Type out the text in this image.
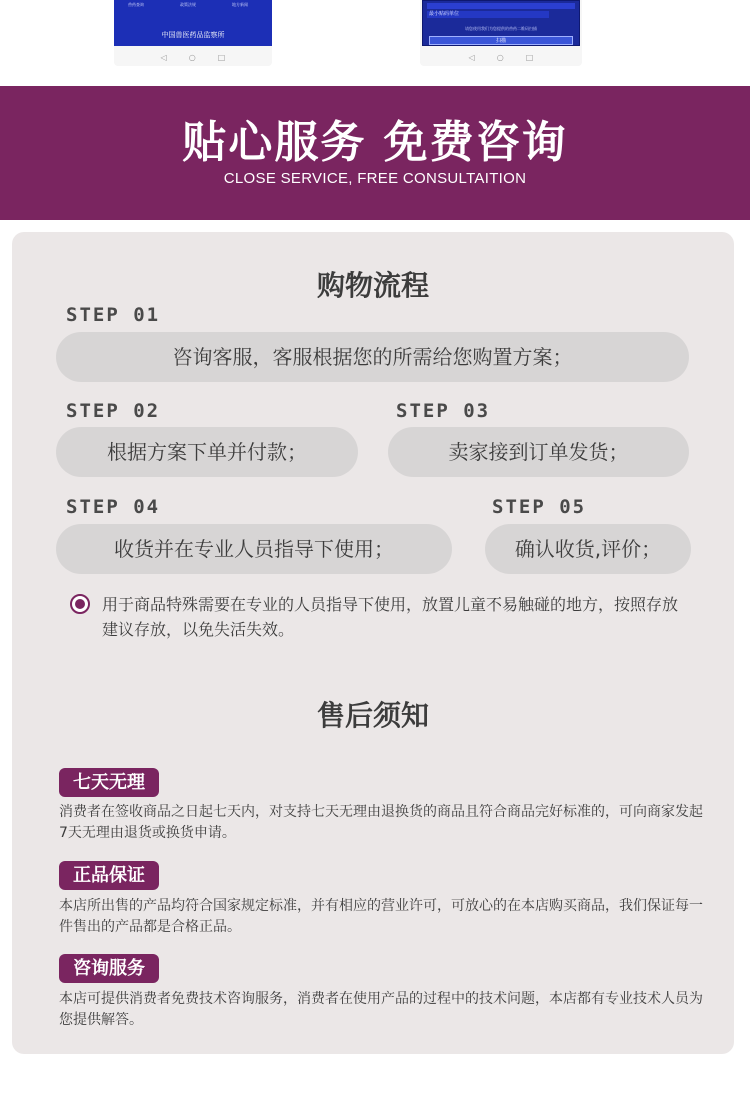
兽药查询	政策法规	地方新闻
中国兽医药品监察所
◁	○	□
最小贴码单位
请您使用我们为您提供的兽药二维码扫描
扫描
◁	○	□
贴心服务 免费咨询
CLOSE SERVICE, FREE CONSULTAITION
购物流程
STEP 01
咨询客服，客服根据您的所需给您购置方案；
STEP 02
根据方案下单并付款；
STEP 03
卖家接到订单发货；
STEP 04
收货并在专业人员指导下使用；
STEP 05
确认收货,评价；
用于商品特殊需要在专业的人员指导下使用，放置儿童不易触碰的地方，按照存放建议存放，以免失活失效。
售后须知
七天无理
消费者在签收商品之日起七天内，对支持七天无理由退换货的商品且符合商品完好标准的，可向商家发起7天无理由退货或换货申请。
正品保证
本店所出售的产品均符合国家规定标准，并有相应的营业许可，可放心的在本店购买商品，我们保证每一件售出的产品都是合格正品。
咨询服务
本店可提供消费者免费技术咨询服务，消费者在使用产品的过程中的技术问题，本店都有专业技术人员为您提供解答。
